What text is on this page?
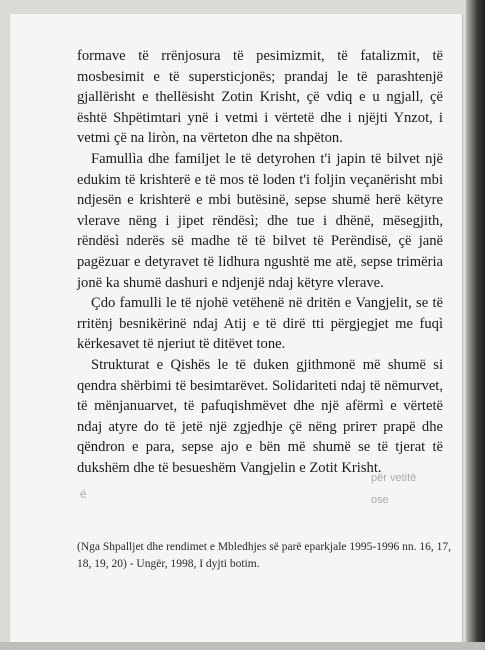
për vetitë
ose
é

formave të rrënjosura të pesimizmit, të fatalizmit, të mosbesimit e të supersticjonës; prandaj le të parashtenjë gjallërisht e thellësisht Zotin Krisht, çë vdiq e u ngjall, çë është Shpëtimtari ynë i vetmi i vërtetë dhe i njëjti Ynzot, i vetmi çë na liròn, na vërteton dhe na shpëton.

Famullìa dhe familjet le të detyrohen t'i japin të bilvet një edukim të krishterë e të mos të loden t'i foljin veçanërisht mbi ndjesën e krishterë e mbi butësinë, sepse shumë herë këtyre vlerave nëng i jipet rëndësì; dhe tue i dhënë, mësegjith, rëndësì nderës së madhe të të bilvet të Perëndisë, çë janë pagëzuar e detyravet të lidhura ngushtë me atë, sepse trimëria jonë ka shumë dashuri e ndjenjë ndaj këtyre vlerave.

Çdo famulli le të njohë vetëhenë në dritën e Vangjelit, se të rritënj besnikërinë ndaj Atij e të dirë tti përgjegjet me fuqì kërkesavet të njeriut të ditëvet tone.

Strukturat e Qishës le të duken gjithmonë më shumë si qendra shërbimi të besimtarëvet. Solidariteti ndaj të nëmurvet, të mënjanuarvet, të pafuqishmëvet dhe një afërmì e vërtetë ndaj atyre do të jetë një zgjedhje çë nëng prirет prapë dhe qëndron e para, sepse ajo e bën më shumë se të tjerat të dukshëm dhe të besueshëm Vangjelin e Zotit Krisht.

(Nga Shpalljet dhe rendimet e Mbledhjes së parë eparkjale 1995-1996 nn. 16, 17, 18, 19, 20) - Ungër, 1998, I dyjti botim.
